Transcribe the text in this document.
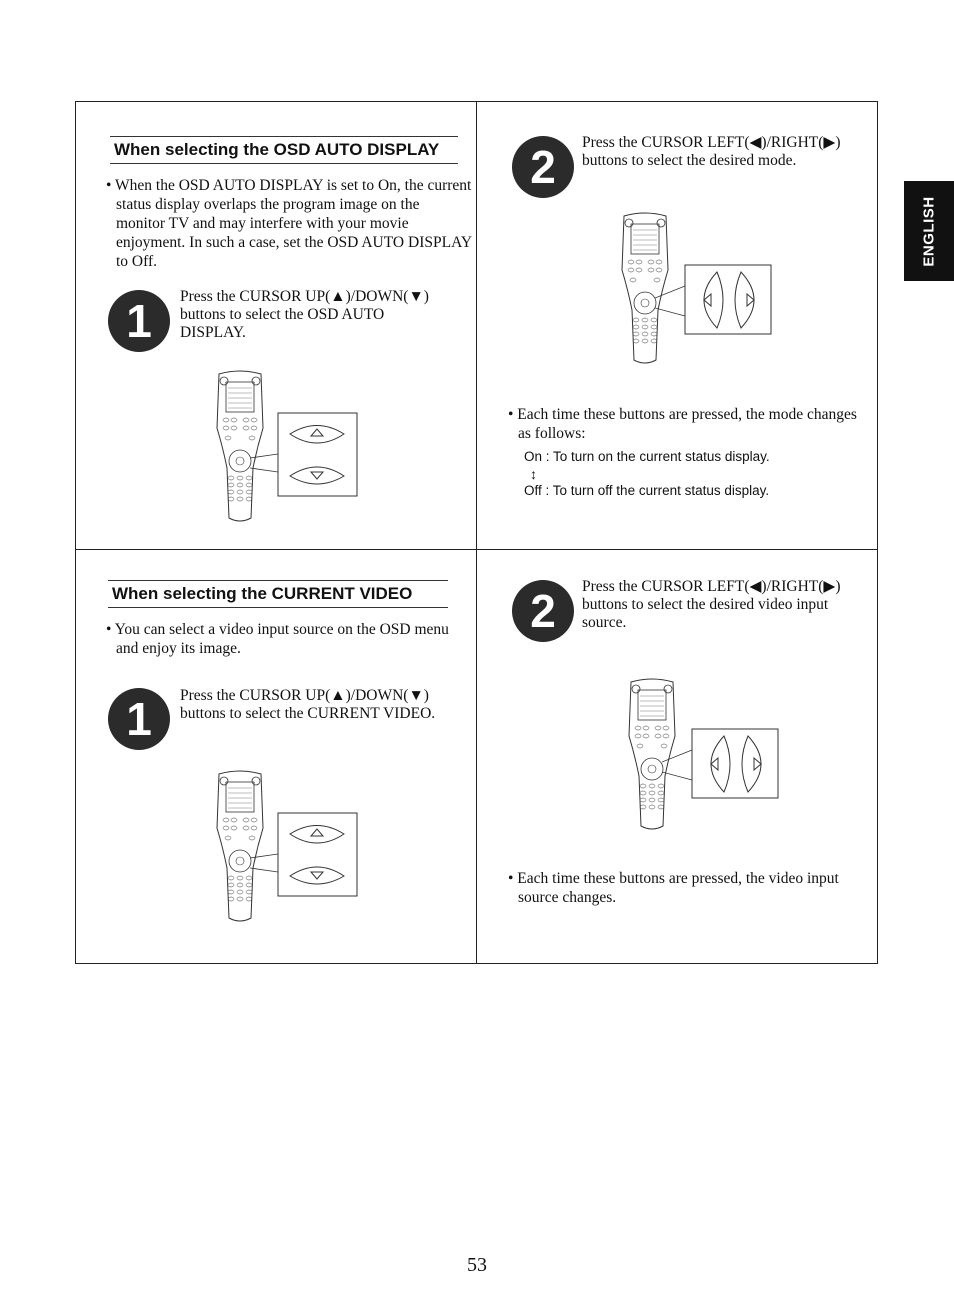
ENGLISH
When selecting the OSD AUTO DISPLAY
• When the OSD AUTO DISPLAY is set to On, the current status display overlaps the program image on the monitor TV and may interfere with your movie enjoyment. In such a case, set the OSD AUTO DISPLAY to Off.
1 Press the CURSOR UP(▲)/DOWN(▼) buttons to select the OSD AUTO DISPLAY.
2 Press the CURSOR LEFT(◀)/RIGHT(▶) buttons to select the desired mode.
• Each time these buttons are pressed, the mode changes as follows:
On : To turn on the current status display.
↕
Off : To turn off the current status display.
When selecting the CURRENT VIDEO
• You can select a video input source on the OSD menu and enjoy its image.
1 Press the CURSOR UP(▲)/DOWN(▼) buttons to select the CURRENT VIDEO.
2 Press the CURSOR LEFT(◀)/RIGHT(▶) buttons to select the desired video input source.
• Each time these buttons are pressed, the video input source changes.
53
